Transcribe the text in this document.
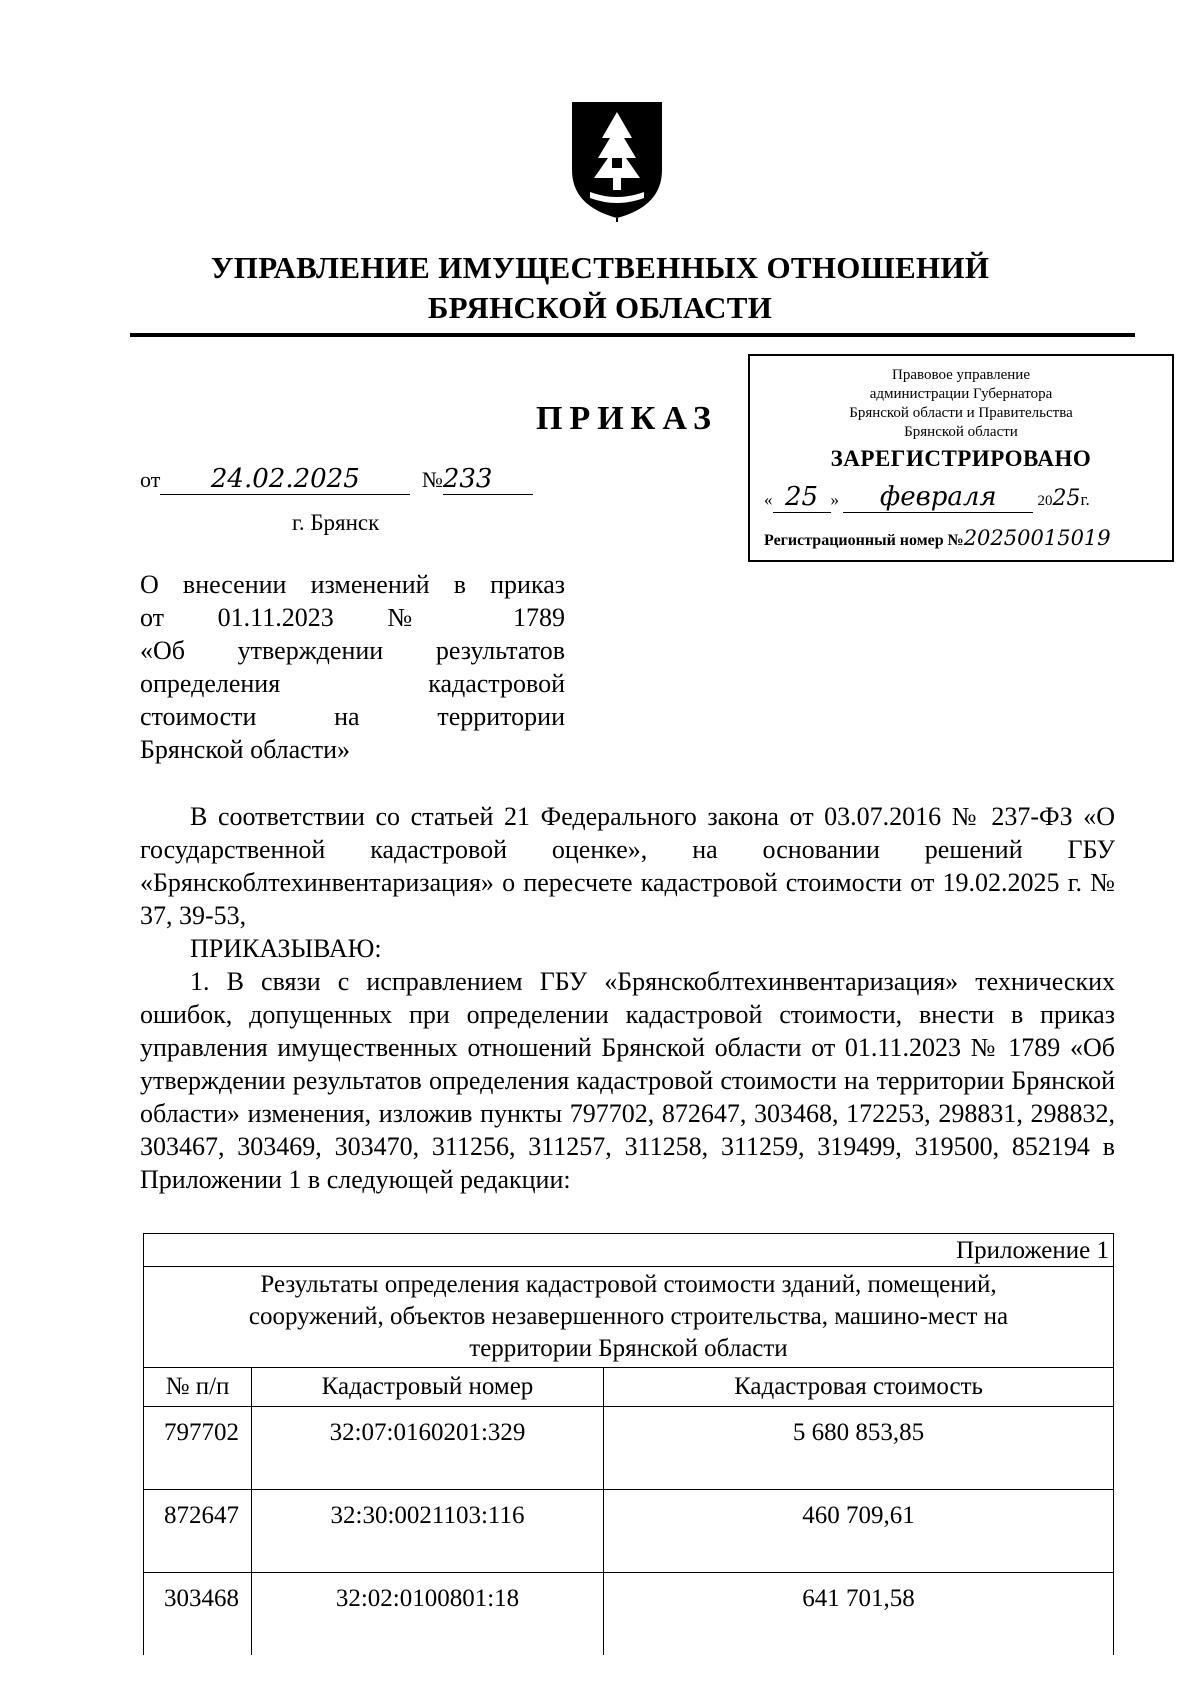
УПРАВЛЕНИЕ ИМУЩЕСТВЕННЫХ ОТНОШЕНИЙ
БРЯНСКОЙ ОБЛАСТИ
ПРИКАЗ
Правовое управление
администрации Губернатора
Брянской области и Правительства
Брянской области
ЗАРЕГИСТРИРОВАНО
« 25 » февраля	2025г.
Регистрационный номер №20250015019
от 24.02.2025	№233
г. Брянск
О внесении изменений в приказ
от 01.11.2023 № 1789
«Об утверждении результатов
определения кадастровой
стоимости на территории
Брянской области»

В соответствии со статьей 21 Федерального закона от 03.07.2016 № 237-ФЗ «О государственной кадастровой оценке», на основании решений ГБУ «Брянскоблтехинвентаризация» о пересчете кадастровой стоимости от 19.02.2025 г. № 37, 39-53,

ПРИКАЗЫВАЮ:

1. В связи с исправлением ГБУ «Брянскоблтехинвентаризация» технических ошибок, допущенных при определении кадастровой стоимости, внести в приказ управления имущественных отношений Брянской области от 01.11.2023 № 1789 «Об утверждении результатов определения кадастровой стоимости на территории Брянской области» изменения, изложив пункты 797702, 872647, 303468, 172253, 298831, 298832, 303467, 303469, 303470, 311256, 311257, 311258, 311259, 319499, 319500, 852194 в Приложении 1 в следующей редакции:

Приложение 1		

Результаты определения кадастровой стоимости зданий, помещений,
сооружений, объектов незавершенного строительства, машино-мест на
территории Брянской области		

№ п/п	Кадастровый номер	Кадастровая стоимость
797702	32:07:0160201:329	5 680 853,85
872647	32:30:0021103:116	460 709,61
303468	32:02:0100801:18	641 701,58
